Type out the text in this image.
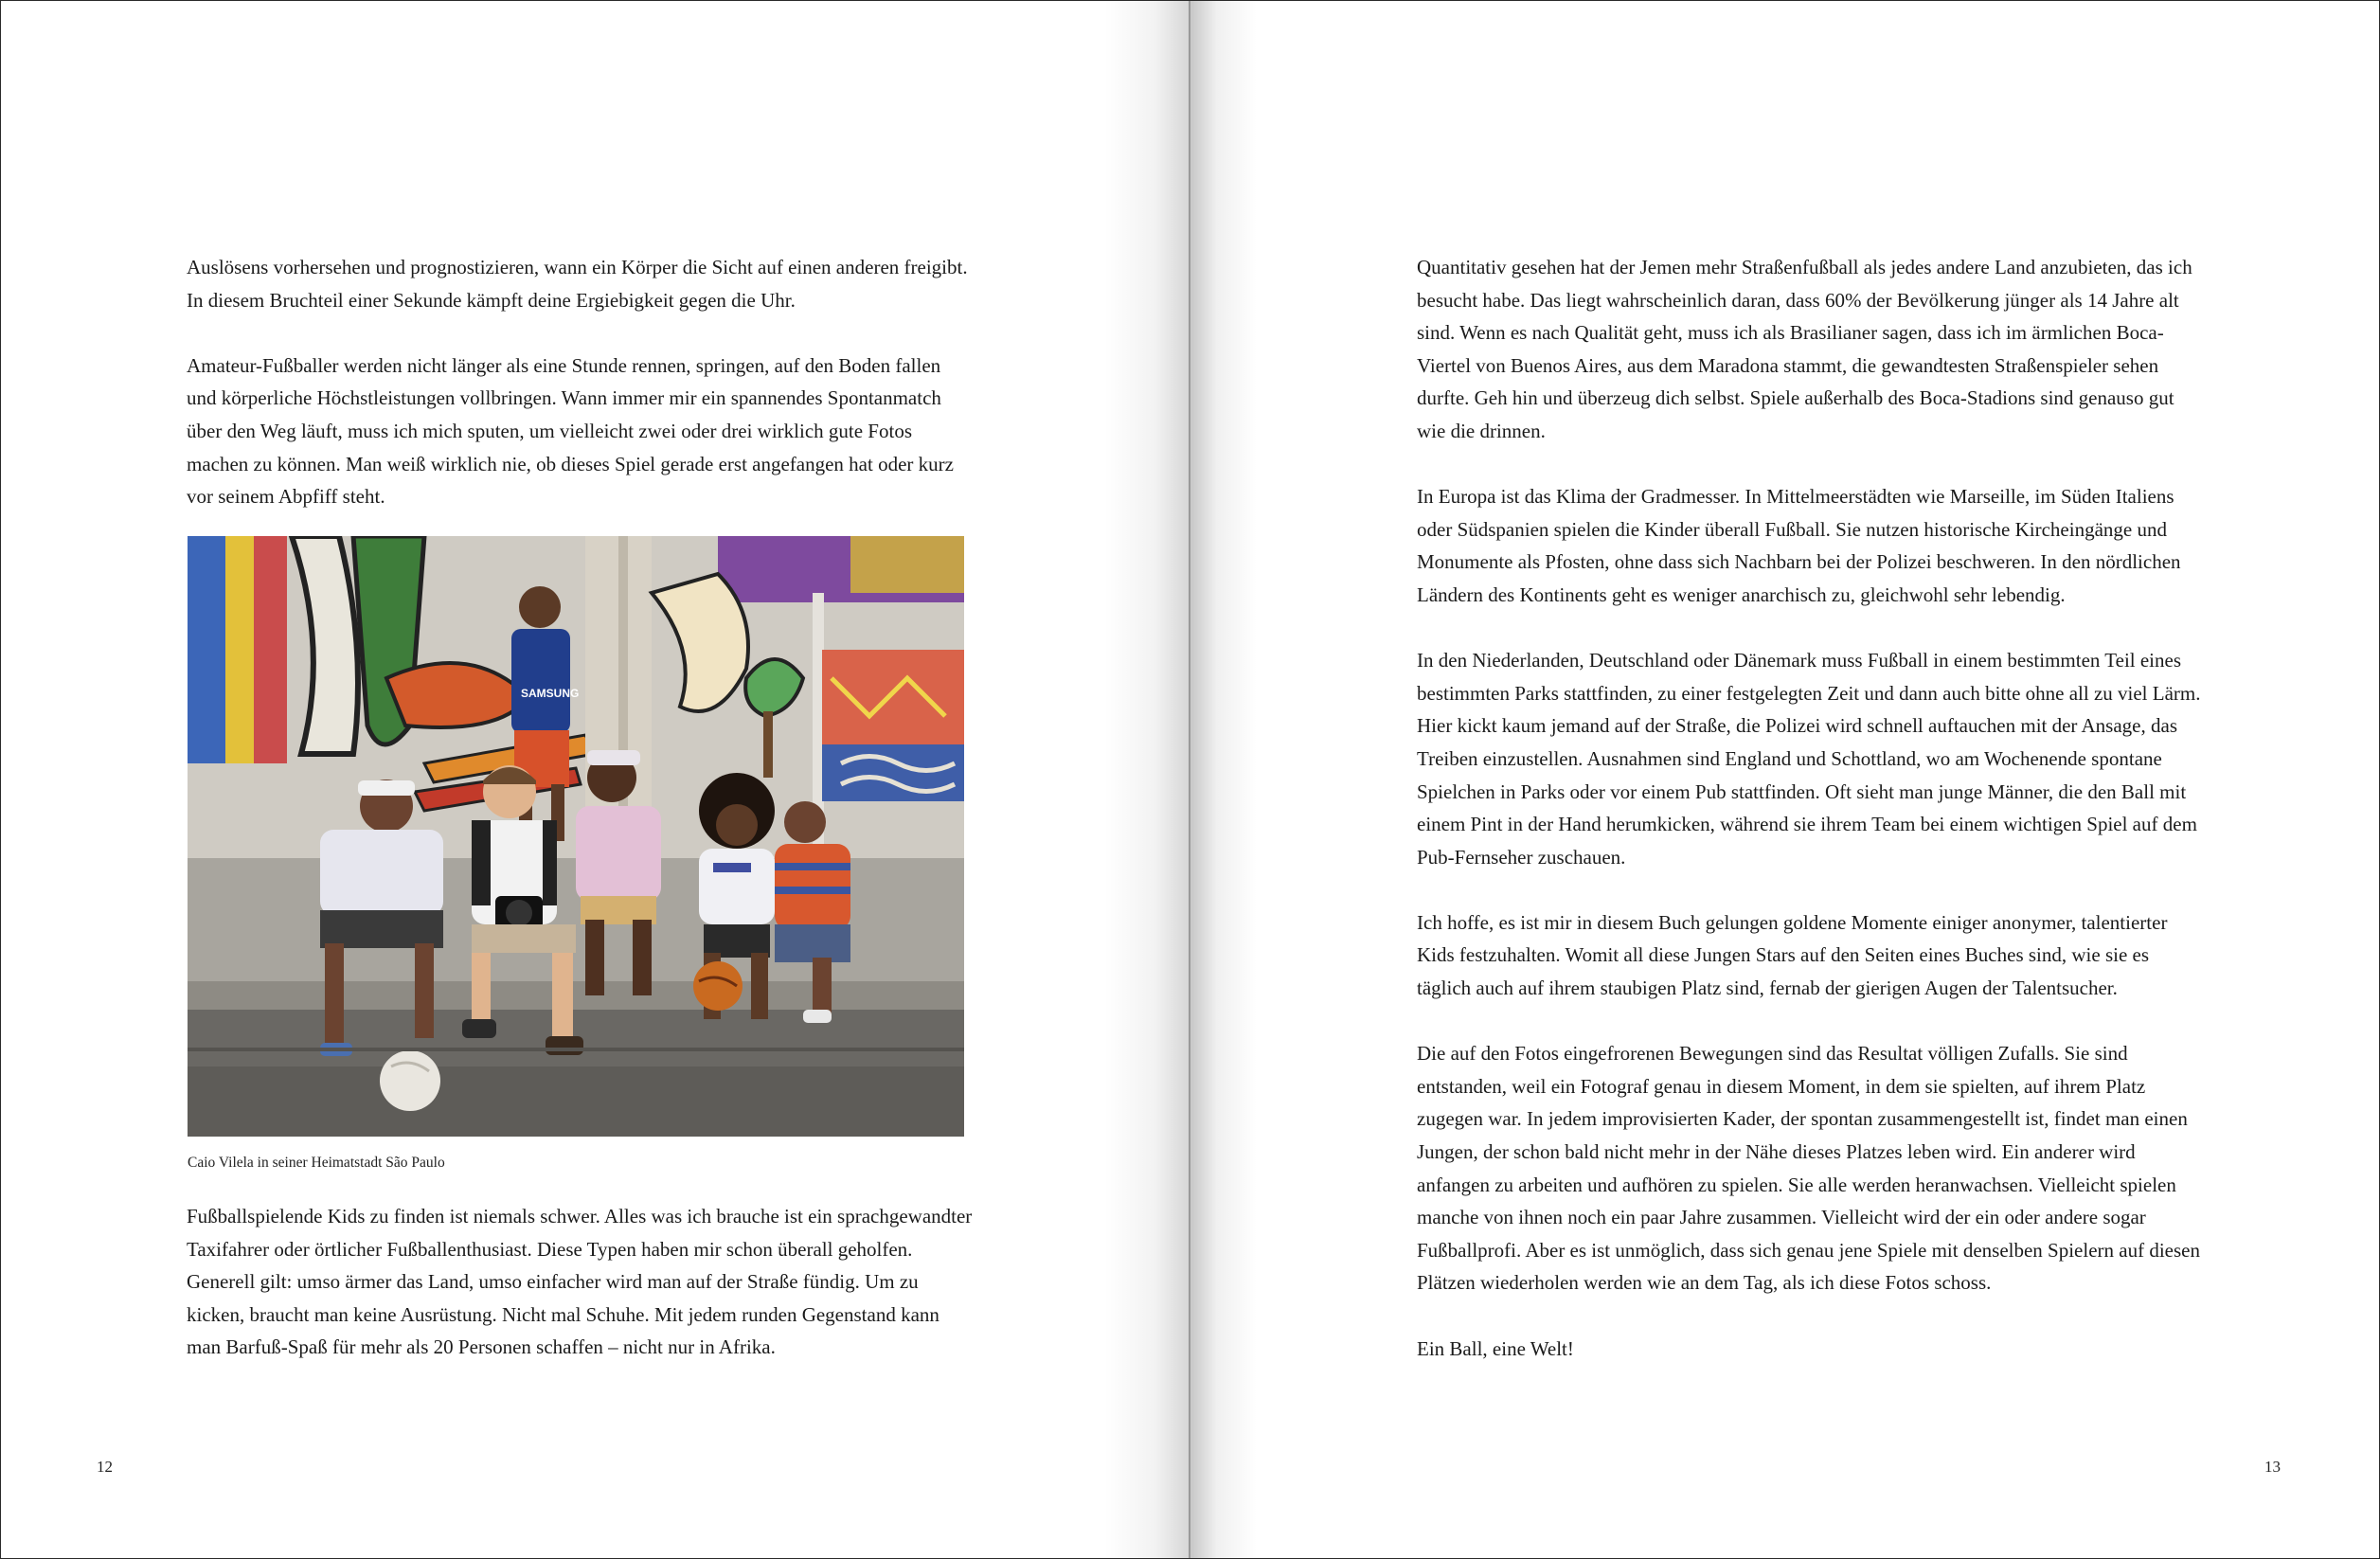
Auslösens vorhersehen und prognostizieren, wann ein Körper die Sicht auf einen anderen freigibt. In diesem Bruchteil einer Sekunde kämpft deine Ergiebigkeit gegen die Uhr.

Amateur-Fußballer werden nicht länger als eine Stunde rennen, springen, auf den Boden fallen und körperliche Höchstleistungen vollbringen. Wann immer mir ein spannendes Spontanmatch über den Weg läuft, muss ich mich sputen, um vielleicht zwei oder drei wirklich gute Fotos machen zu können. Man weiß wirklich nie, ob dieses Spiel gerade erst angefangen hat oder kurz vor seinem Abpfiff steht.

SAMSUNG
Caio Vilela in seiner Heimatstadt São Paulo

Fußballspielende Kids zu finden ist niemals schwer. Alles was ich brauche ist ein sprachgewandter Taxifahrer oder örtlicher Fußballenthusiast. Diese Typen haben mir schon überall geholfen. Generell gilt: umso ärmer das Land, umso einfacher wird man auf der Straße fündig. Um zu kicken, braucht man keine Ausrüstung. Nicht mal Schuhe. Mit jedem runden Gegenstand kann man Barfuß-Spaß für mehr als 20 Personen schaffen – nicht nur in Afrika.

12

Quantitativ gesehen hat der Jemen mehr Straßenfußball als jedes andere Land anzubieten, das ich besucht habe. Das liegt wahrscheinlich daran, dass 60% der Bevölkerung jünger als 14 Jahre alt sind. Wenn es nach Qualität geht, muss ich als Brasilianer sagen, dass ich im ärmlichen Boca-Viertel von Buenos Aires, aus dem Maradona stammt, die gewandtesten Straßenspieler sehen durfte. Geh hin und überzeug dich selbst. Spiele außerhalb des Boca-Stadions sind genauso gut wie die drinnen.

In Europa ist das Klima der Gradmesser. In Mittelmeerstädten wie Marseille, im Süden Italiens oder Südspanien spielen die Kinder überall Fußball. Sie nutzen historische Kircheingänge und Monumente als Pfosten, ohne dass sich Nachbarn bei der Polizei beschweren. In den nördlichen Ländern des Kontinents geht es weniger anarchisch zu, gleichwohl sehr lebendig.

In den Niederlanden, Deutschland oder Dänemark muss Fußball in einem bestimmten Teil eines bestimmten Parks stattfinden, zu einer festgelegten Zeit und dann auch bitte ohne all zu viel Lärm. Hier kickt kaum jemand auf der Straße, die Polizei wird schnell auftauchen mit der Ansage, das Treiben einzustellen. Ausnahmen sind England und Schottland, wo am Wochenende spontane Spielchen in Parks oder vor einem Pub stattfinden. Oft sieht man junge Männer, die den Ball mit einem Pint in der Hand herumkicken, während sie ihrem Team bei einem wichtigen Spiel auf dem Pub-Fernseher zuschauen.

Ich hoffe, es ist mir in diesem Buch gelungen goldene Momente einiger anonymer, talentierter Kids festzuhalten. Womit all diese Jungen Stars auf den Seiten eines Buches sind, wie sie es täglich auch auf ihrem staubigen Platz sind, fernab der gierigen Augen der Talentsucher.

Die auf den Fotos eingefrorenen Bewegungen sind das Resultat völligen Zufalls. Sie sind entstanden, weil ein Fotograf genau in diesem Moment, in dem sie spielten, auf ihrem Platz zugegen war. In jedem improvisierten Kader, der spontan zusammengestellt ist, findet man einen Jungen, der schon bald nicht mehr in der Nähe dieses Platzes leben wird. Ein anderer wird anfangen zu arbeiten und aufhören zu spielen. Sie alle werden heranwachsen. Vielleicht spielen manche von ihnen noch ein paar Jahre zusammen. Vielleicht wird der ein oder andere sogar Fußballprofi. Aber es ist unmöglich, dass sich genau jene Spiele mit denselben Spielern auf diesen Plätzen wiederholen werden wie an dem Tag, als ich diese Fotos schoss.

Ein Ball, eine Welt!

13
